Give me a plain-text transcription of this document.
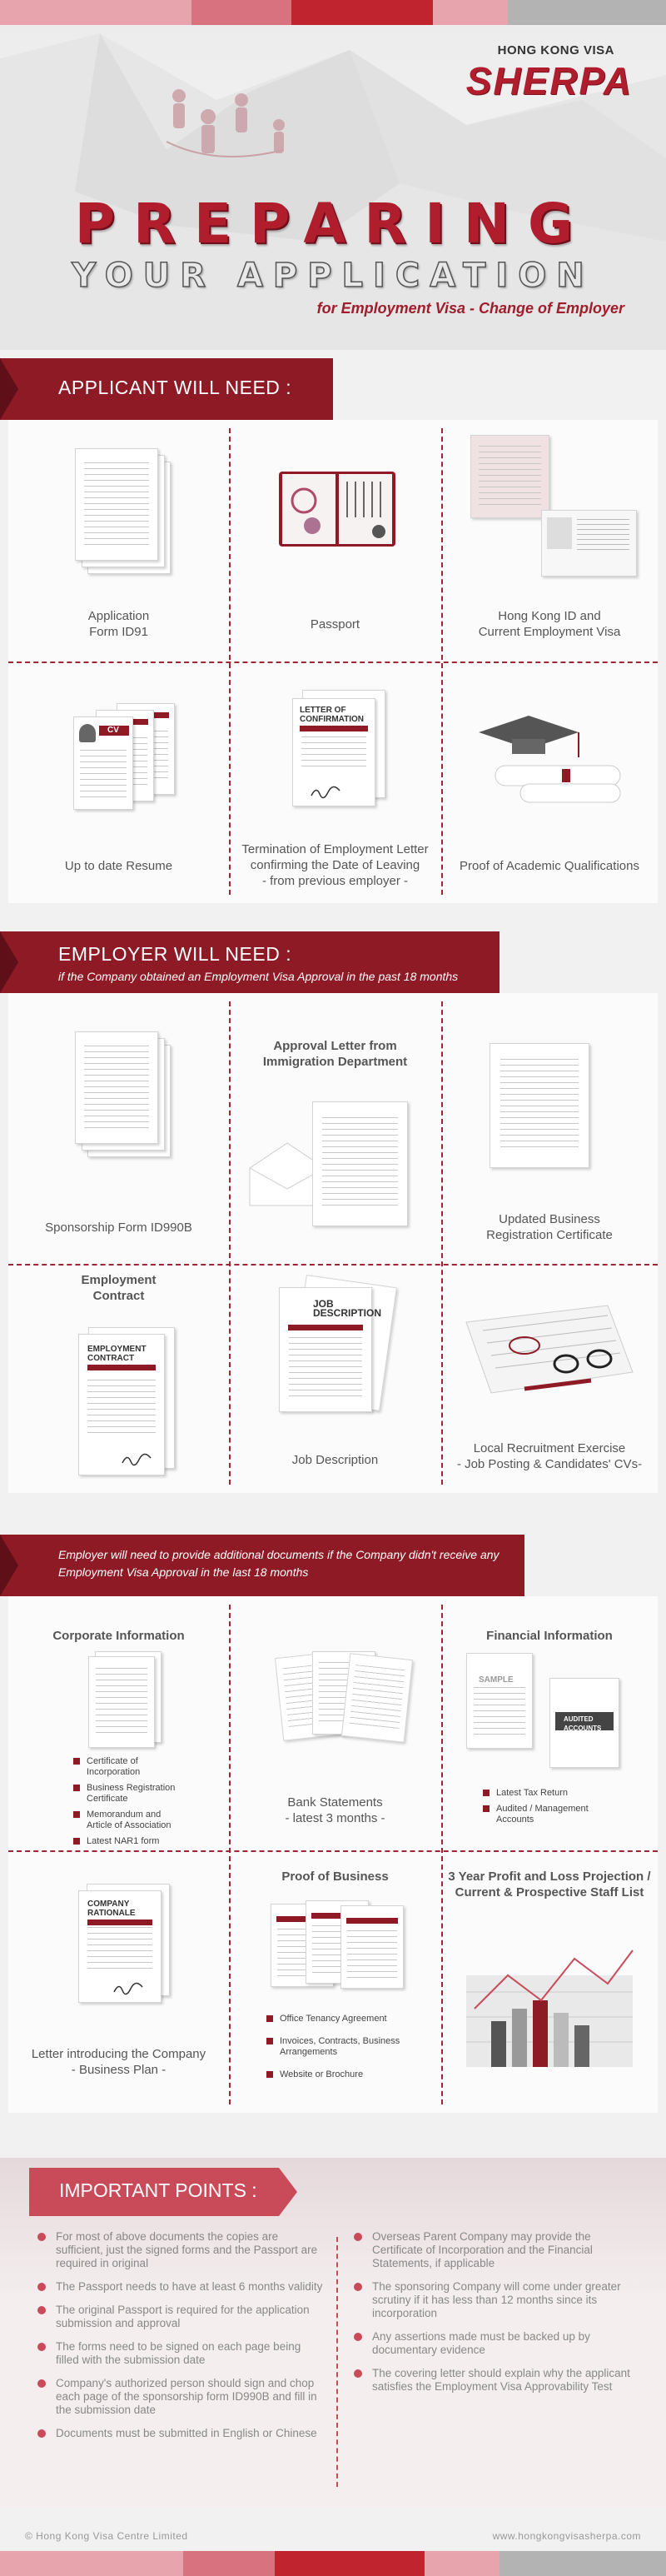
HONG KONG VISA
SHERPA
PREPARING
YOUR APPLICATION
for Employment Visa - Change of Employer
APPLICANT WILL NEED :
Application
Form ID91
Passport
Hong Kong ID and
Current Employment Visa
CV
Up to date Resume
LETTER OF
CONFIRMATION
Termination of Employment Letter
confirming the Date of Leaving
- from previous employer -
Proof of Academic Qualifications
EMPLOYER WILL NEED :
if the Company obtained an Employment Visa Approval in the past 18 months
Sponsorship Form ID990B
Approval Letter from
Immigration Department
Updated Business
Registration Certificate
Employment
Contract
EMPLOYMENT
CONTRACT
JOB
DESCRIPTION
Job Description
Local Recruitment Exercise
- Job Posting & Candidates' CVs-
Employer will need to provide additional documents if the Company didn't receive any
Employment Visa Approval in the last 18 months
Corporate Information
Certificate of
Incorporation
Business Registration
Certificate
Memorandum and
Article of Association
Latest NAR1 form
Bank Statements
- latest 3 months -
Financial Information
SAMPLE
AUDITED
ACCOUNTS
Latest Tax Return
Audited / Management
Accounts
COMPANY
RATIONALE
Letter introducing the Company
- Business Plan -
Proof of Business
Office Tenancy Agreement
Invoices, Contracts, Business
Arrangements
Website or Brochure
3 Year Profit and Loss Projection /
Current & Prospective Staff List
IMPORTANT POINTS :
For most of above documents the copies are sufficient, just the signed forms and the Passport are required in original
The Passport needs to have at least 6 months validity
The original Passport is required for the application submission and approval
The forms need to be signed on each page being filled with the submission date
Company's authorized person should sign and chop each page of the sponsorship form ID990B and fill in the submission date
Documents must be submitted in English or Chinese
Overseas Parent Company may provide the Certificate of Incorporation and the Financial Statements, if applicable
The sponsoring Company will come under greater scrutiny if it has less than 12 months since its incorporation
Any assertions made must be backed up by documentary evidence
The covering letter should explain why the applicant satisfies the Employment Visa Approvability Test
© Hong Kong Visa Centre Limited	www.hongkongvisasherpa.com
